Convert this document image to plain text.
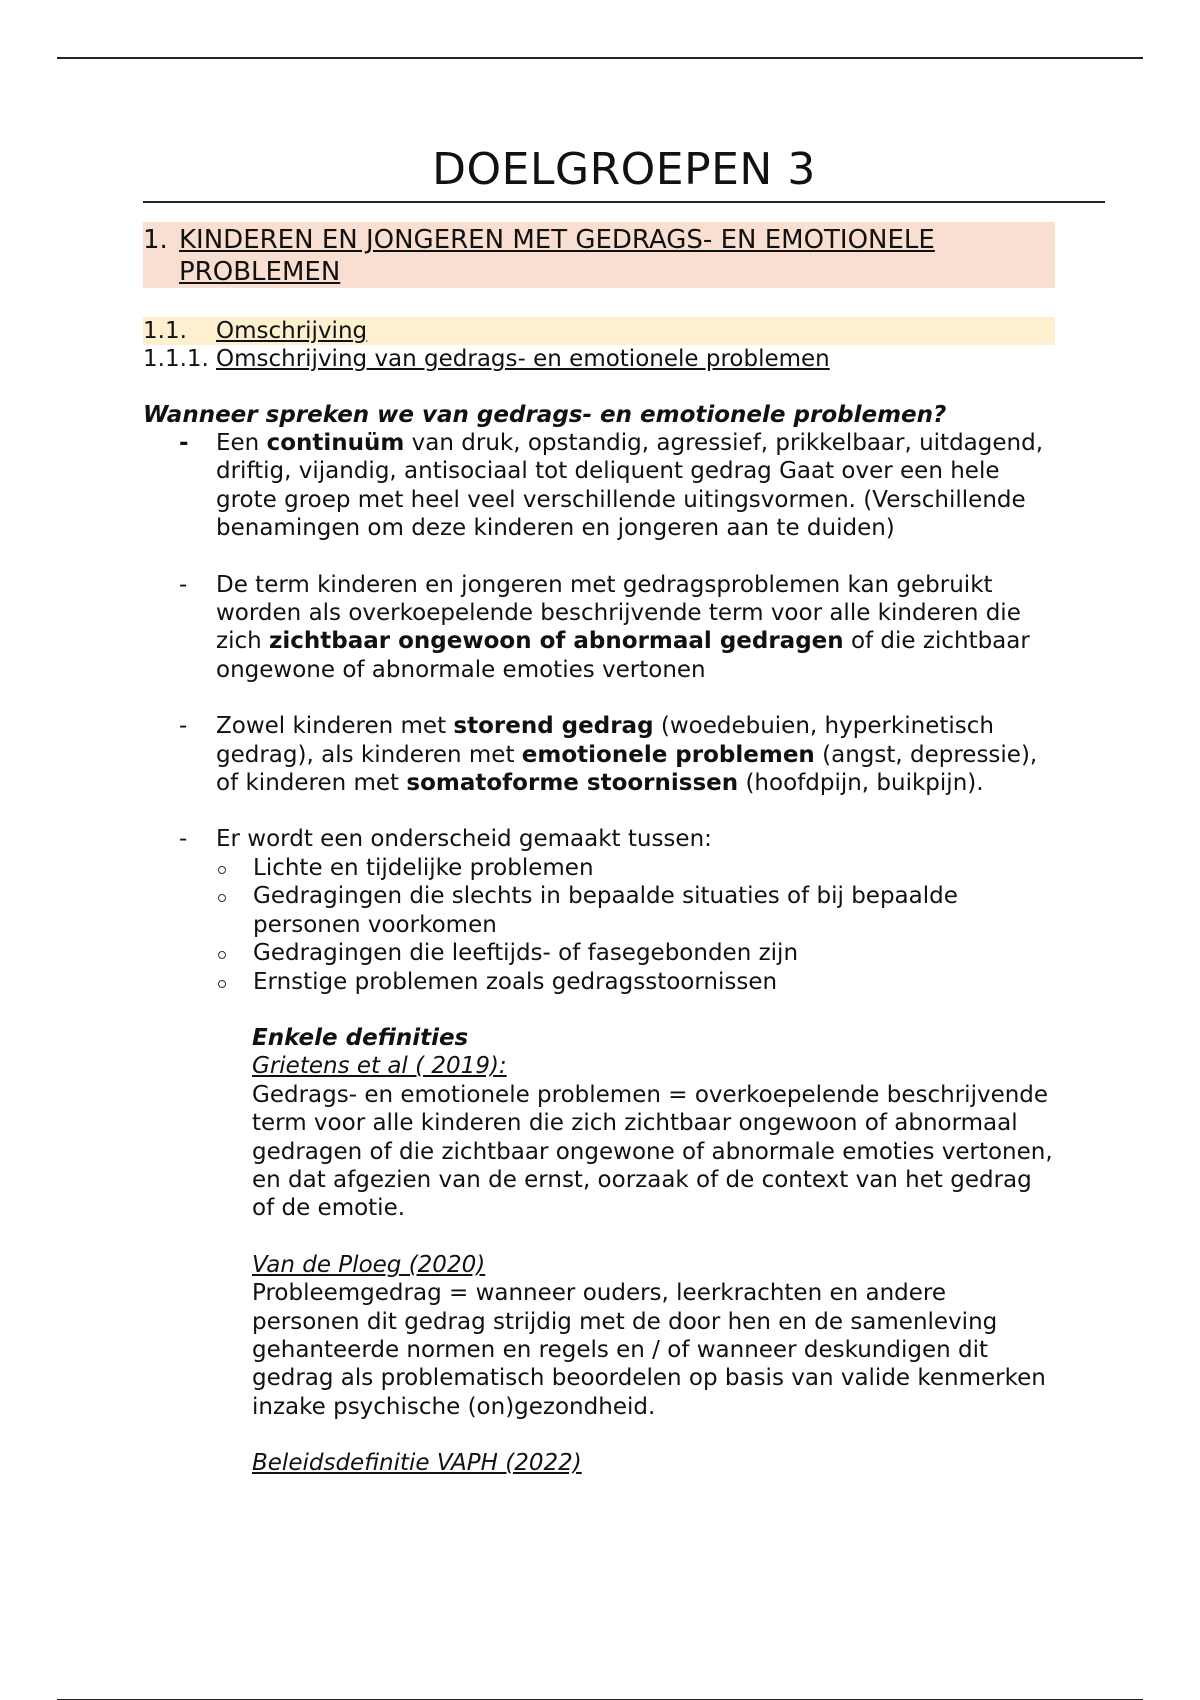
DOELGROEPEN 3
1. KINDEREN EN JONGEREN MET GEDRAGS- EN EMOTIONELE PROBLEMEN
1.1. Omschrijving
1.1.1. Omschrijving van gedrags- en emotionele problemen
Wanneer spreken we van gedrags- en emotionele problemen?
- Een continuüm van druk, opstandig, agressief, prikkelbaar, uitdagend, driftig, vijandig, antisociaal tot deliquent gedrag Gaat over een hele grote groep met heel veel verschillende uitingsvormen. (Verschillende benamingen om deze kinderen en jongeren aan te duiden)
- De term kinderen en jongeren met gedragsproblemen kan gebruikt worden als overkoepelende beschrijvende term voor alle kinderen die zich zichtbaar ongewoon of abnormaal gedragen of die zichtbaar ongewone of abnormale emoties vertonen
- Zowel kinderen met storend gedrag (woedebuien, hyperkinetisch gedrag), als kinderen met emotionele problemen (angst, depressie), of kinderen met somatoforme stoornissen (hoofdpijn, buikpijn).
- Er wordt een onderscheid gemaakt tussen:
Lichte en tijdelijke problemen
Gedragingen die slechts in bepaalde situaties of bij bepaalde personen voorkomen
Gedragingen die leeftijds- of fasegebonden zijn
Ernstige problemen zoals gedragsstoornissen
Enkele definities
Grietens et al ( 2019):
Gedrags- en emotionele problemen = overkoepelende beschrijvende term voor alle kinderen die zich zichtbaar ongewoon of abnormaal gedragen of die zichtbaar ongewone of abnormale emoties vertonen, en dat afgezien van de ernst, oorzaak of de context van het gedrag of de emotie.
Van de Ploeg (2020)
Probleemgedrag = wanneer ouders, leerkrachten en andere personen dit gedrag strijdig met de door hen en de samenleving gehanteerde normen en regels en / of wanneer deskundigen dit gedrag als problematisch beoordelen op basis van valide kenmerken inzake psychische (on)gezondheid.
Beleidsdefinitie VAPH (2022)
